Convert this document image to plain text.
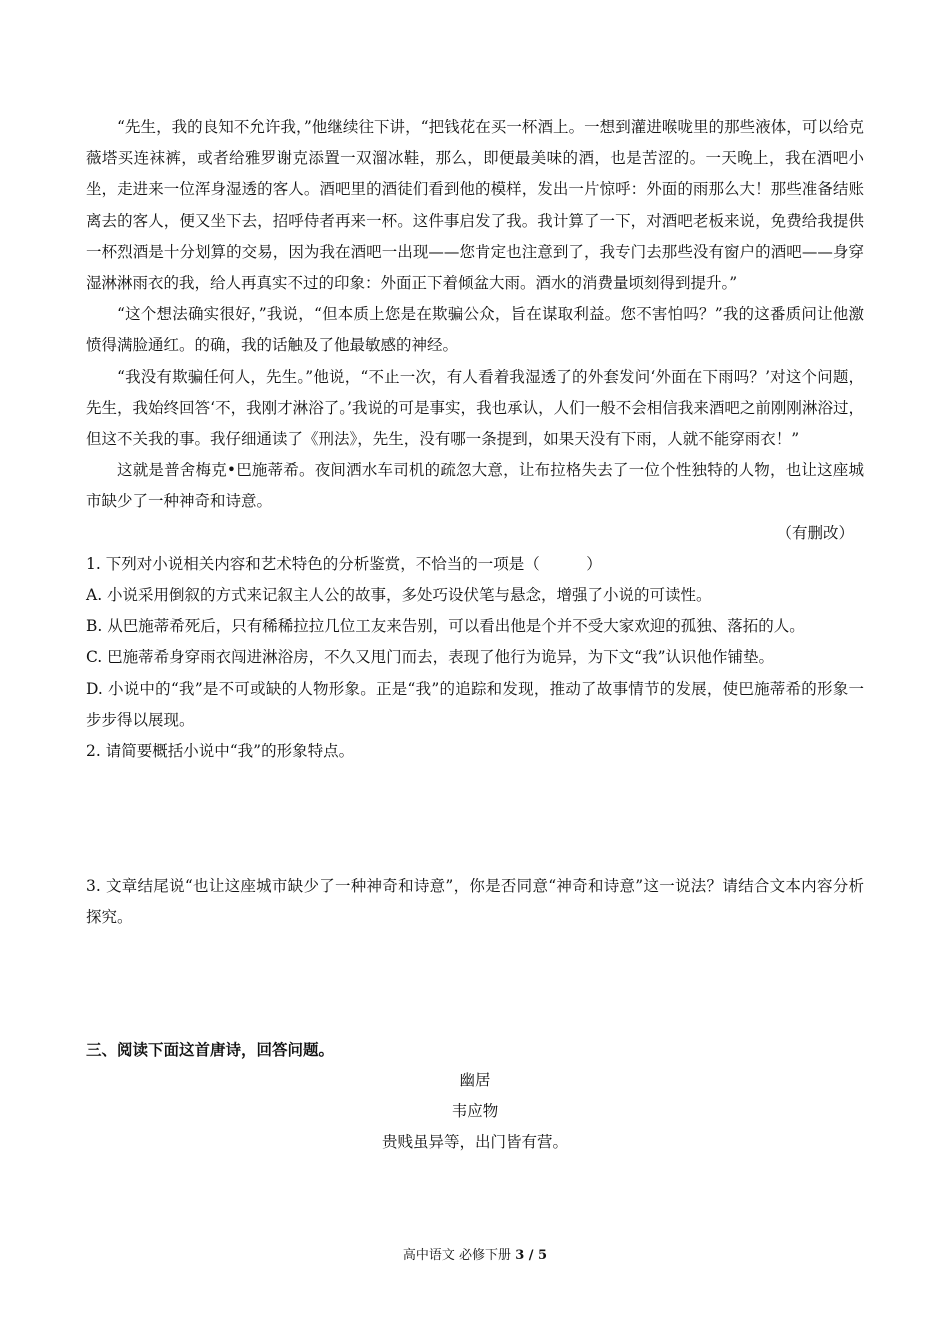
“先生，我的良知不允许我，”他继续往下讲，“把钱花在买一杯酒上。一想到灌进喉咙里的那些液体，可以给克薇塔买连袜裤，或者给雅罗谢克添置一双溜冰鞋，那么，即便最美味的酒，也是苦涩的。一天晚上，我在酒吧小坐，走进来一位浑身湿透的客人。酒吧里的酒徒们看到他的模样，发出一片惊呼：外面的雨那么大！那些准备结账离去的客人，便又坐下去，招呼侍者再来一杯。这件事启发了我。我计算了一下，对酒吧老板来说，免费给我提供一杯烈酒是十分划算的交易，因为我在酒吧一出现——您肯定也注意到了，我专门去那些没有窗户的酒吧——身穿湿淋淋雨衣的我，给人再真实不过的印象：外面正下着倾盆大雨。酒水的消费量顷刻得到提升。”

“这个想法确实很好，”我说，“但本质上您是在欺骗公众，旨在谋取利益。您不害怕吗？”我的这番质问让他激愤得满脸通红。的确，我的话触及了他最敏感的神经。

“我没有欺骗任何人，先生。”他说，“不止一次，有人看着我湿透了的外套发问‘外面在下雨吗？’对这个问题，先生，我始终回答‘不，我刚才淋浴了。’我说的可是事实，我也承认，人们一般不会相信我来酒吧之前刚刚淋浴过，但这不关我的事。我仔细通读了《刑法》，先生，没有哪一条提到，如果天没有下雨，人就不能穿雨衣！”

这就是普舍梅克•巴施蒂希。夜间洒水车司机的疏忽大意，让布拉格失去了一位个性独特的人物，也让这座城市缺少了一种神奇和诗意。

（有删改）

1. 下列对小说相关内容和艺术特色的分析鉴赏，不恰当的一项是（　　　）

A. 小说采用倒叙的方式来记叙主人公的故事，多处巧设伏笔与悬念，增强了小说的可读性。

B. 从巴施蒂希死后，只有稀稀拉拉几位工友来告别，可以看出他是个并不受大家欢迎的孤独、落拓的人。

C. 巴施蒂希身穿雨衣闯进淋浴房，不久又甩门而去，表现了他行为诡异，为下文“我”认识他作铺垫。

D. 小说中的“我”是不可或缺的人物形象。正是“我”的追踪和发现，推动了故事情节的发展，使巴施蒂希的形象一步步得以展现。

2. 请简要概括小说中“我”的形象特点。

3. 文章结尾说“也让这座城市缺少了一种神奇和诗意”，你是否同意“神奇和诗意”这一说法？请结合文本内容分析探究。

三、阅读下面这首唐诗，回答问题。

幽居

韦应物

贵贱虽异等，出门皆有营。

高中语文 必修下册 3 / 5
